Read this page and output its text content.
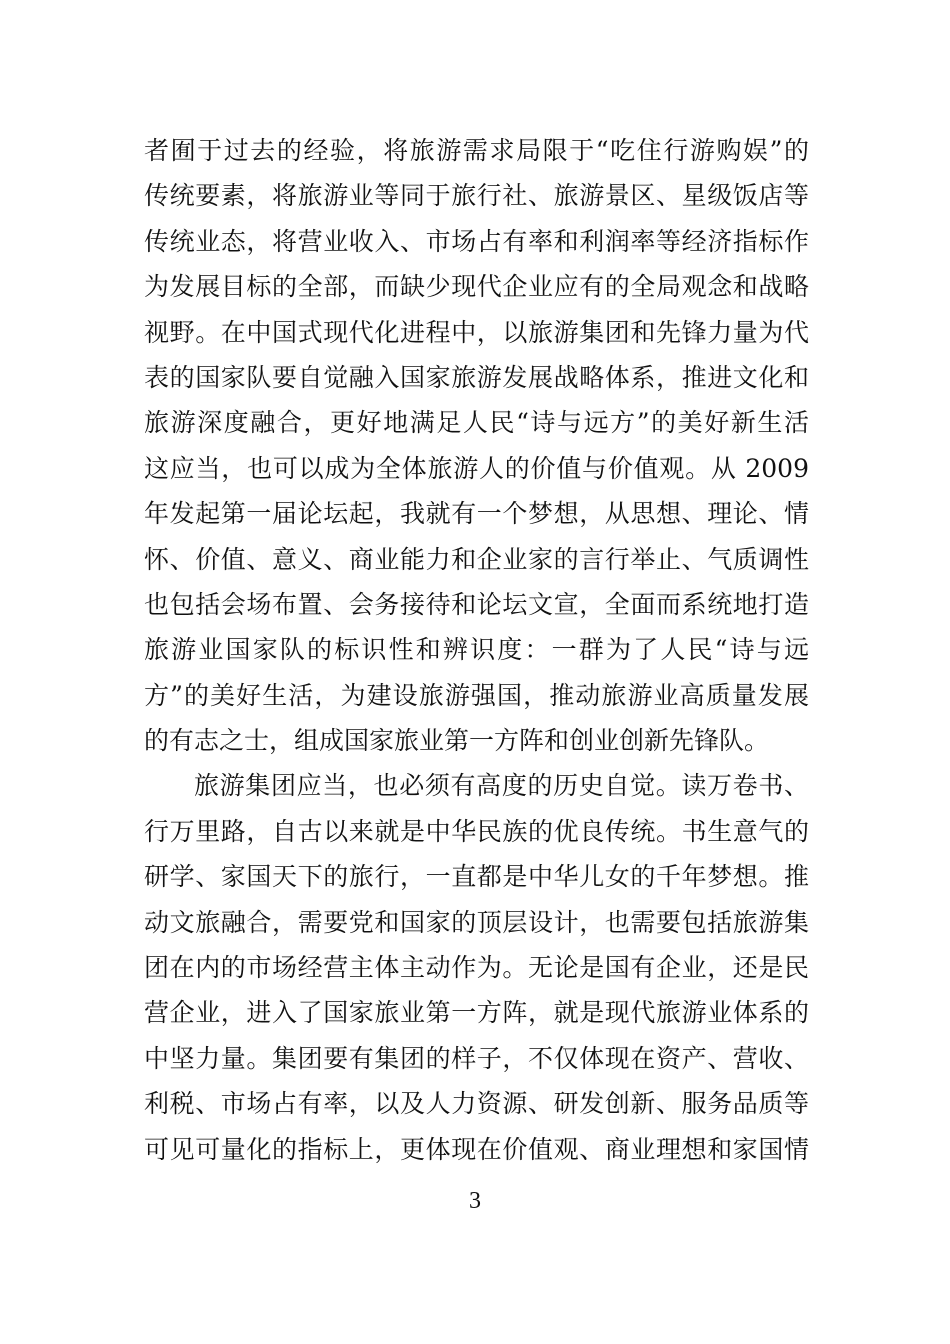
者囿于过去的经验，将旅游需求局限于“吃住行游购娱”的
传统要素，将旅游业等同于旅行社、旅游景区、星级饭店等
传统业态，将营业收入、市场占有率和利润率等经济指标作
为发展目标的全部，而缺少现代企业应有的全局观念和战略
视野。在中国式现代化进程中，以旅游集团和先锋力量为代
表的国家队要自觉融入国家旅游发展战略体系，推进文化和
旅游深度融合，更好地满足人民“诗与远方”的美好新生活
这应当，也可以成为全体旅游人的价值与价值观。从 2009
年发起第一届论坛起，我就有一个梦想，从思想、理论、情
怀、价值、意义、商业能力和企业家的言行举止、气质调性
也包括会场布置、会务接待和论坛文宣，全面而系统地打造
旅游业国家队的标识性和辨识度：一群为了人民“诗与远
方”的美好生活，为建设旅游强国，推动旅游业高质量发展
的有志之士，组成国家旅业第一方阵和创业创新先锋队。
旅游集团应当，也必须有高度的历史自觉。读万卷书、
行万里路，自古以来就是中华民族的优良传统。书生意气的
研学、家国天下的旅行，一直都是中华儿女的千年梦想。推
动文旅融合，需要党和国家的顶层设计，也需要包括旅游集
团在内的市场经营主体主动作为。无论是国有企业，还是民
营企业，进入了国家旅业第一方阵，就是现代旅游业体系的
中坚力量。集团要有集团的样子，不仅体现在资产、营收、
利税、市场占有率，以及人力资源、研发创新、服务品质等
可见可量化的指标上，更体现在价值观、商业理想和家国情
3
